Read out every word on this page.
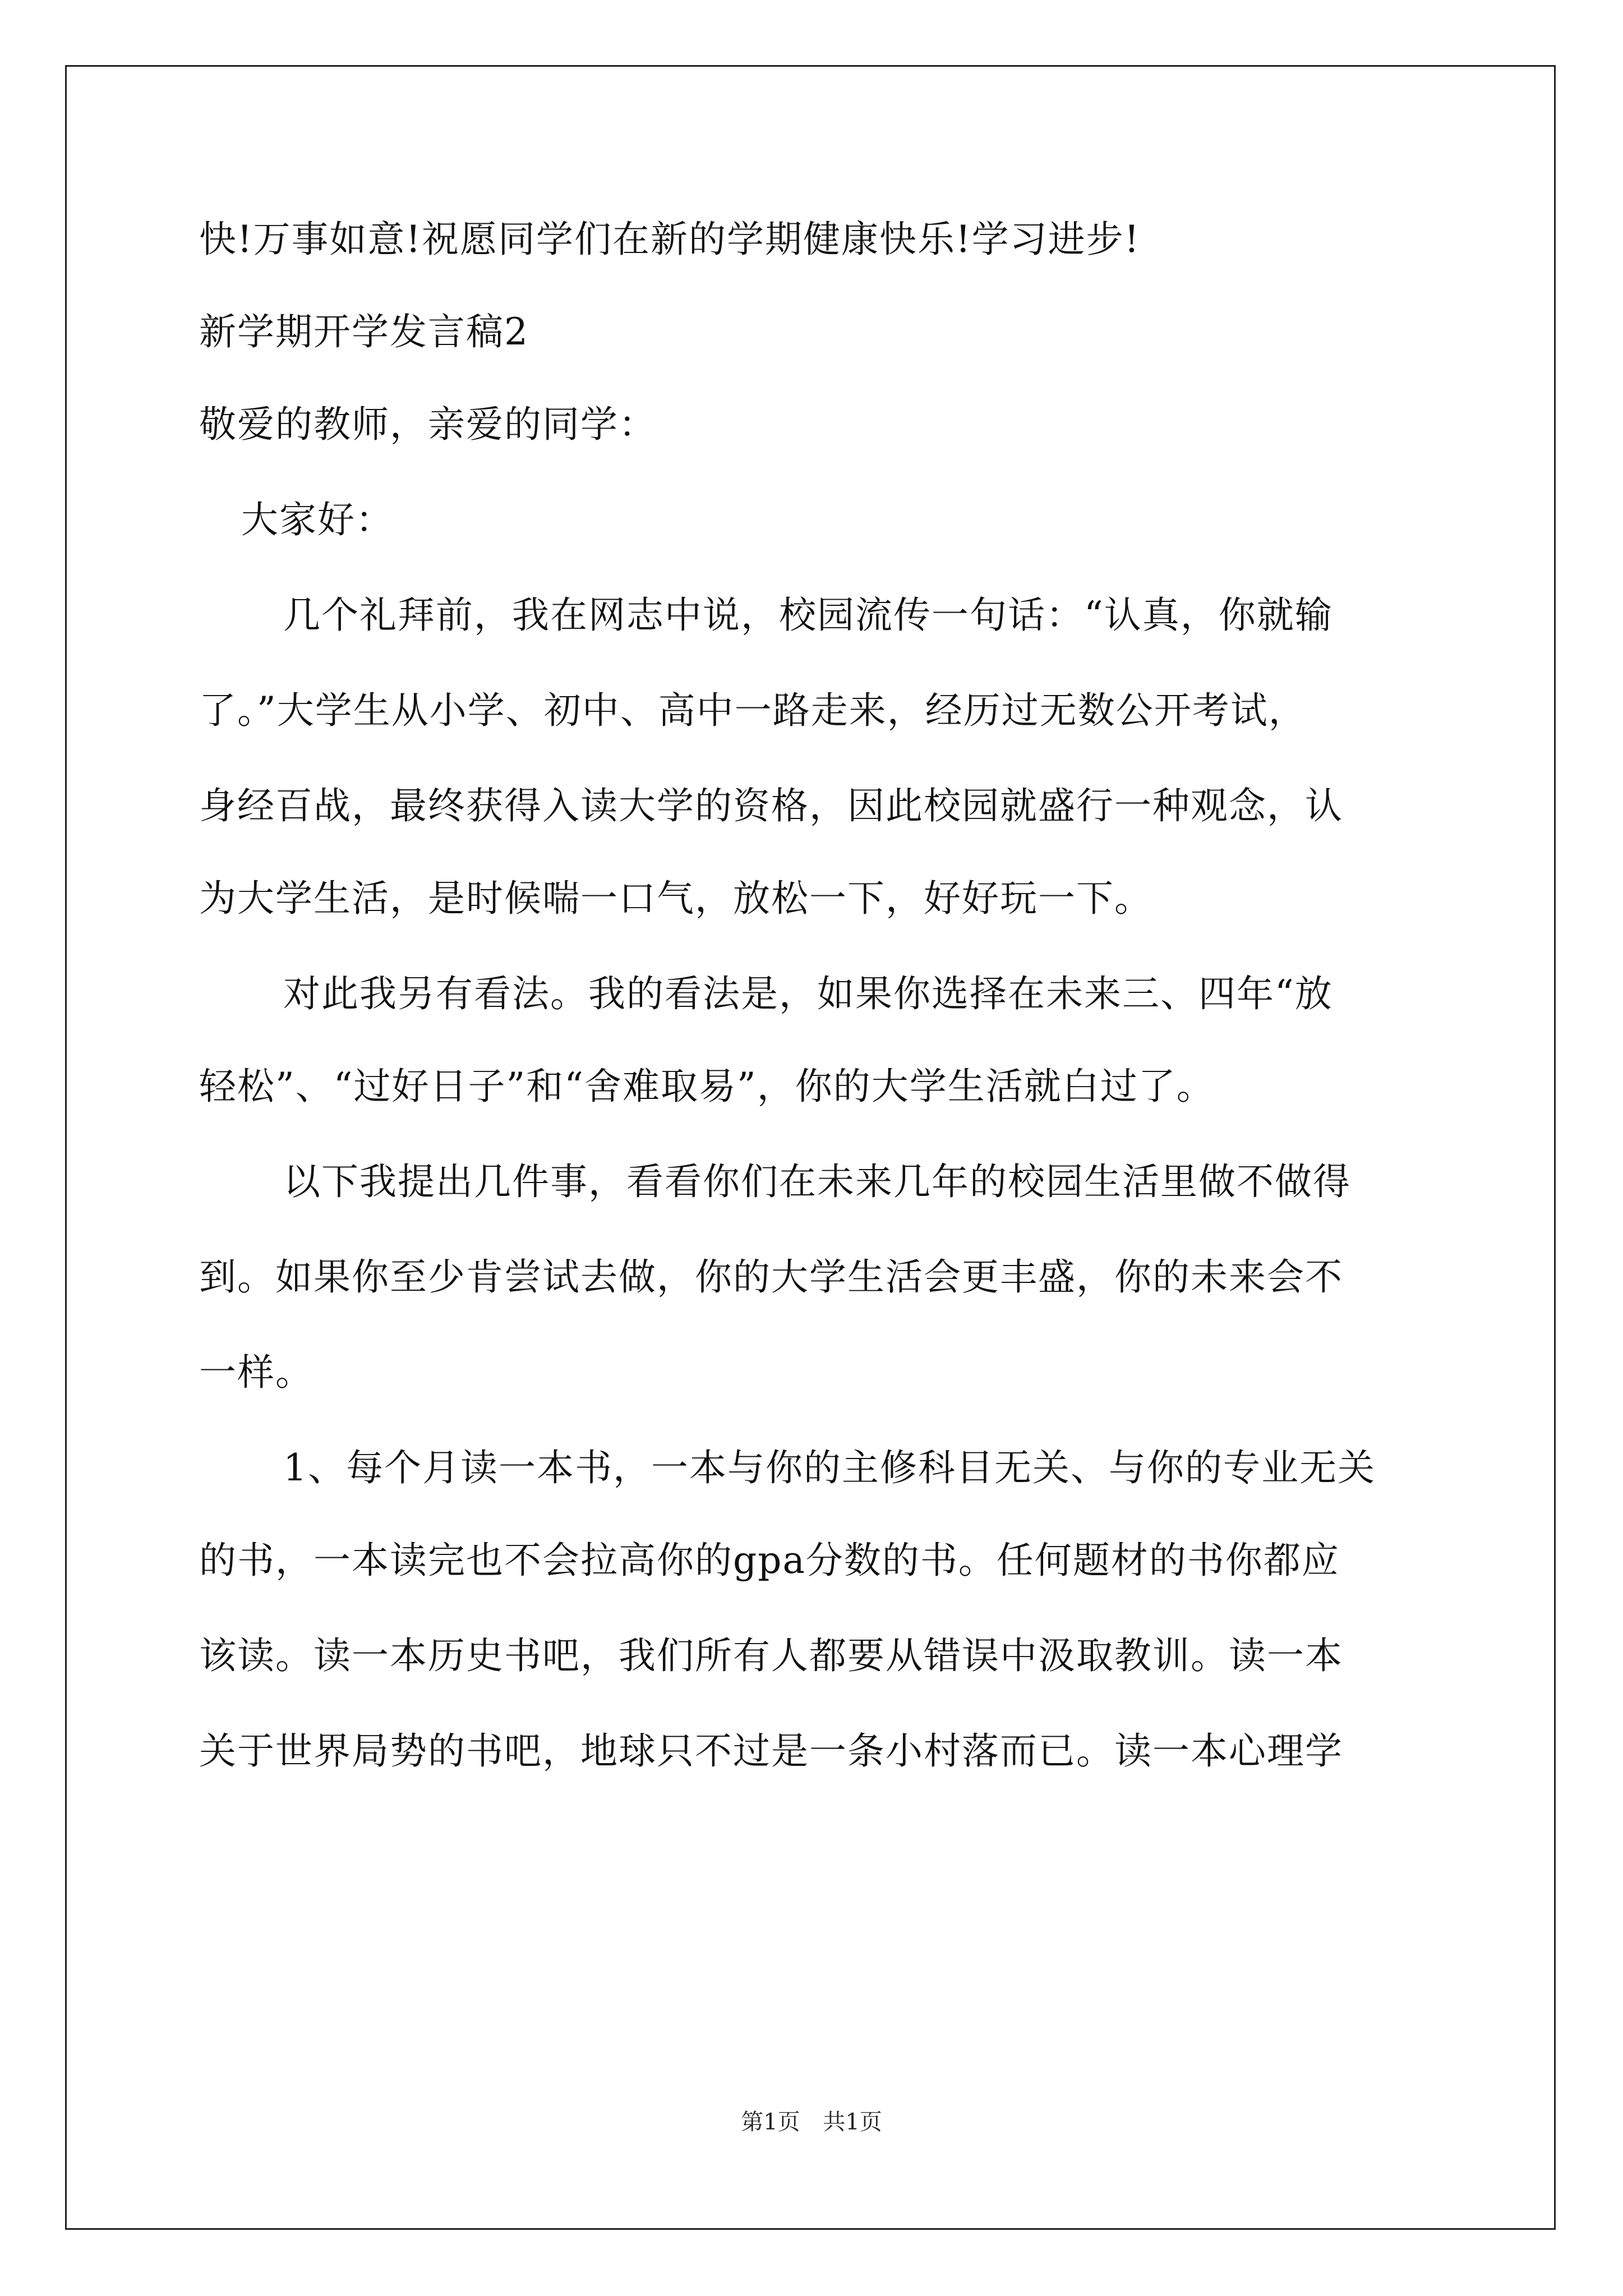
快!万事如意!祝愿同学们在新的学期健康快乐!学习进步!

新学期开学发言稿2

敬爱的教师，亲爱的同学：

大家好：

几个礼拜前，我在网志中说，校园流传一句话：“认真，你就输

了。”大学生从小学、初中、高中一路走来，经历过无数公开考试，

身经百战，最终获得入读大学的资格，因此校园就盛行一种观念，认

为大学生活，是时候喘一口气，放松一下，好好玩一下。

对此我另有看法。我的看法是，如果你选择在未来三、四年“放

轻松”、“过好日子”和“舍难取易”，你的大学生活就白过了。

以下我提出几件事，看看你们在未来几年的校园生活里做不做得

到。如果你至少肯尝试去做，你的大学生活会更丰盛，你的未来会不

一样。

1、每个月读一本书，一本与你的主修科目无关、与你的专业无关

的书，一本读完也不会拉高你的gpa分数的书。任何题材的书你都应

该读。读一本历史书吧，我们所有人都要从错误中汲取教训。读一本

关于世界局势的书吧，地球只不过是一条小村落而已。读一本心理学

第1页 共1页
